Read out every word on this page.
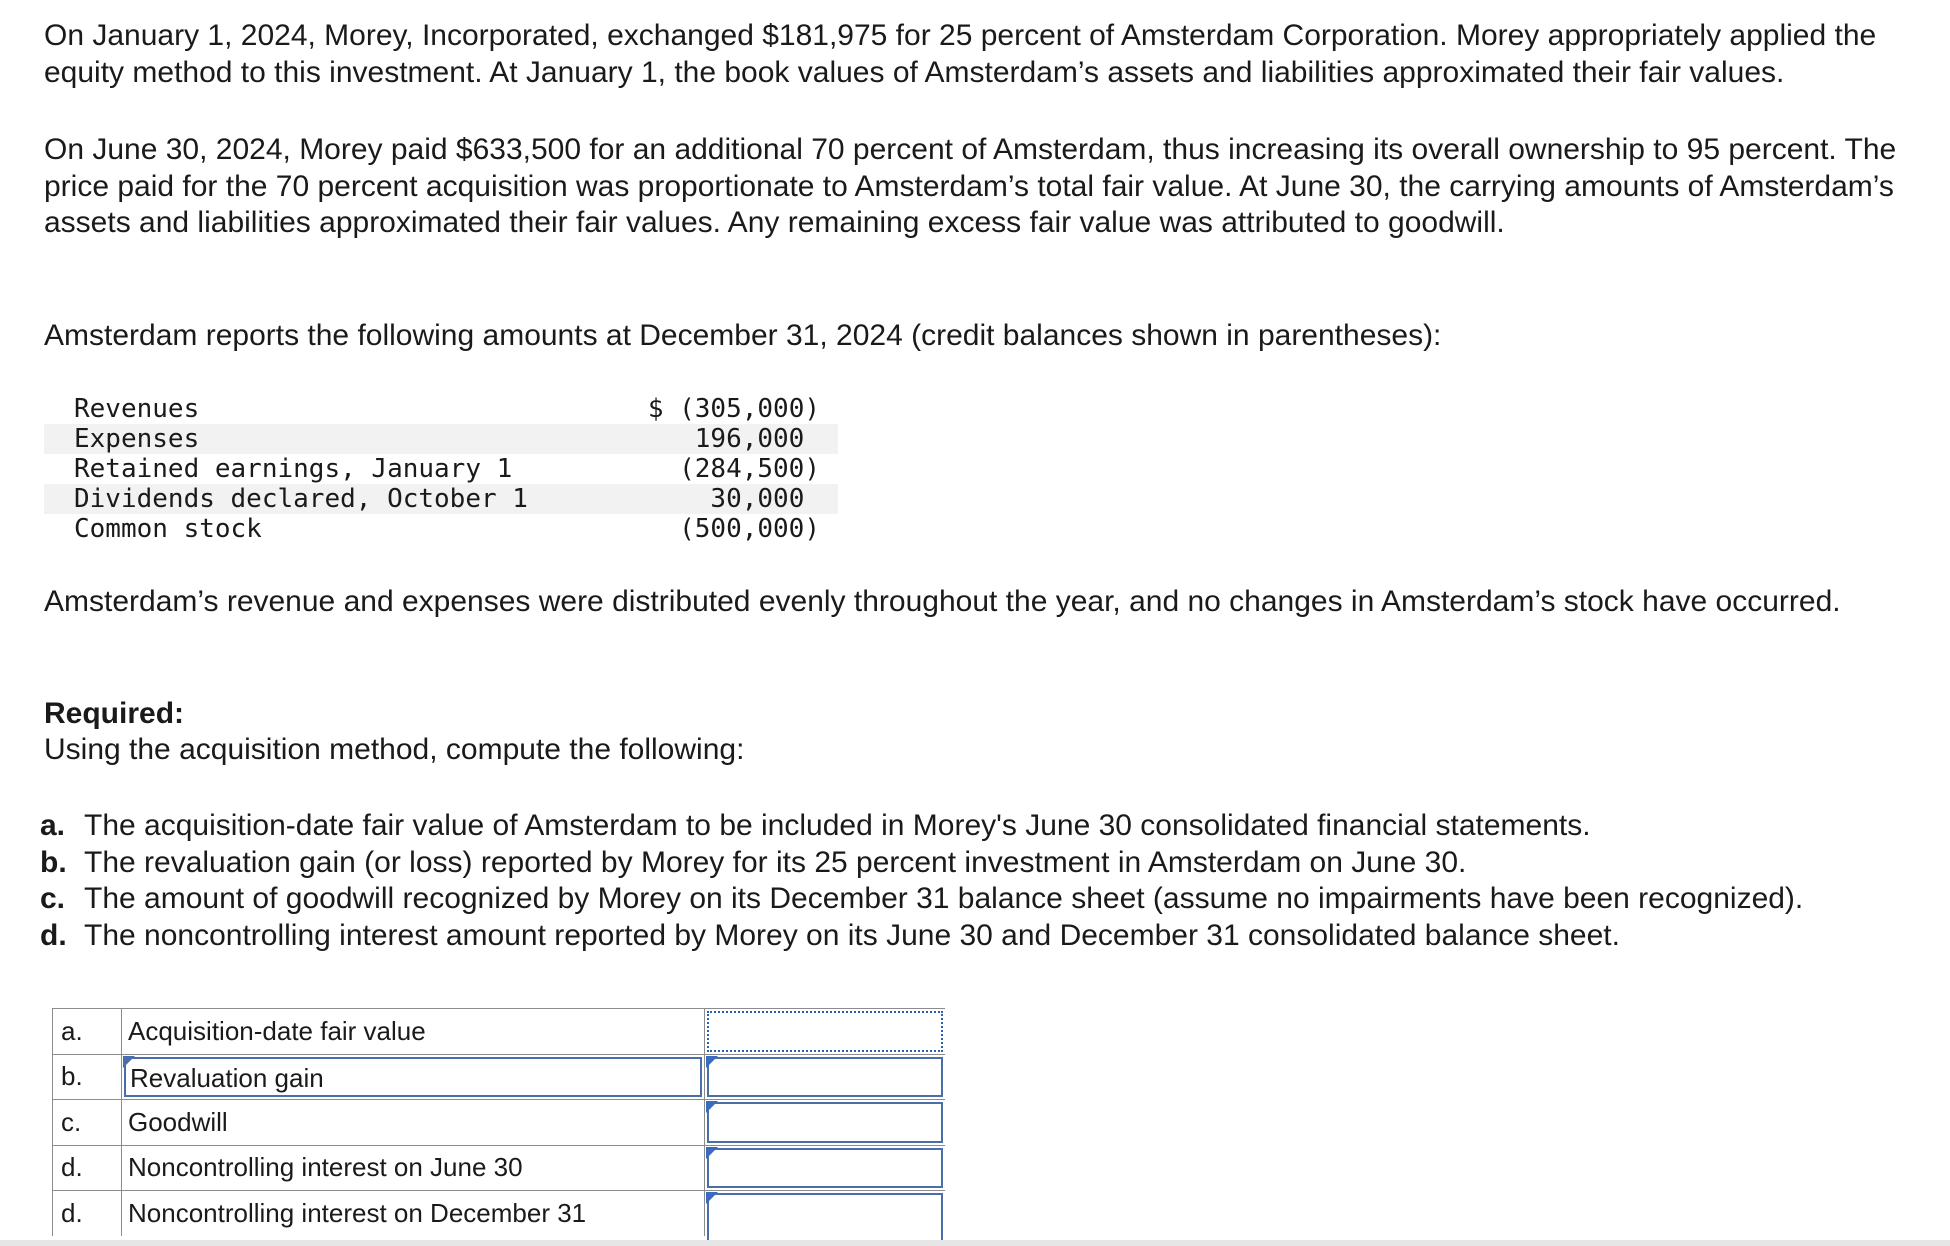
On January 1, 2024, Morey, Incorporated, exchanged $181,975 for 25 percent of Amsterdam Corporation. Morey appropriately applied the equity method to this investment. At January 1, the book values of Amsterdam’s assets and liabilities approximated their fair values.

On June 30, 2024, Morey paid $633,500 for an additional 70 percent of Amsterdam, thus increasing its overall ownership to 95 percent. The price paid for the 70 percent acquisition was proportionate to Amsterdam’s total fair value. At June 30, the carrying amounts of Amsterdam’s assets and liabilities approximated their fair values. Any remaining excess fair value was attributed to goodwill.

Amsterdam reports the following amounts at December 31, 2024 (credit balances shown in parentheses):

Revenues	$ (305,000)
Expenses	196,000
Retained earnings, January 1	(284,500)
Dividends declared, October 1	30,000
Common stock	(500,000)

Amsterdam’s revenue and expenses were distributed evenly throughout the year, and no changes in Amsterdam’s stock have occurred.

Required:

Using the acquisition method, compute the following:

a. The acquisition-date fair value of Amsterdam to be included in Morey's June 30 consolidated financial statements.
b. The revaluation gain (or loss) reported by Morey for its 25 percent investment in Amsterdam on June 30.
c. The amount of goodwill recognized by Morey on its December 31 balance sheet (assume no impairments have been recognized).
d. The noncontrolling interest amount reported by Morey on its June 30 and December 31 consolidated balance sheet.
a.	Acquisition-date fair value	

b.	Revaluation gain	

c.	Goodwill	

d.	Noncontrolling interest on June 30	

d.	Noncontrolling interest on December 31	
